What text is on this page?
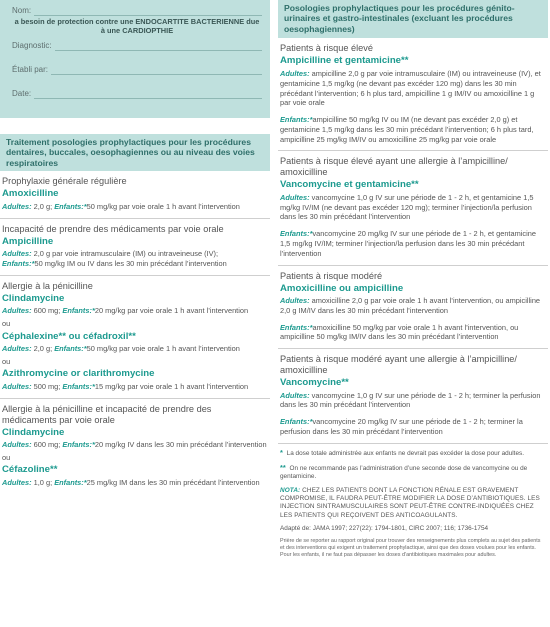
Nom:
a besoin de protection contre une ENDOCARTITE BACTERIENNE due à une CARDIOPTHIE
Diagnostic:
Établi par:
Date:
Traitement posologies prophylactiques pour les procédures dentaires, buccales, oesophagiennes ou au niveau des voies respiratoires
Prophylaxie générale régulière
Amoxicilline
Adultes: 2,0 g; Enfants:*50 mg/kg par voie orale 1 h avant l’intervention
Incapacité de prendre des médicaments par voie orale
Ampicilline
Adultes: 2,0 g par voie intramusculaire (IM) ou intraveineuse (IV);
Enfants:*50 mg/kg IM ou IV dans les 30 min précédant l’intervention
Allergie à la pénicilline
Clindamycine
Adultes: 600 mg; Enfants:*20 mg/kg par voie orale 1 h avant l’intervention
ou
Céphalexine** ou céfadroxil**
Adultes: 2,0 g; Enfants:*50 mg/kg par voie orale 1 h avant l’intervention
ou
Azithromycine or clarithromycine
Adultes: 500 mg; Enfants:*15 mg/kg par voie orale 1 h avant l’intervention
Allergie à la pénicilline et incapacité de prendre des médicaments par voie orale
Clindamycine
Adultes: 600 mg; Enfants:*20 mg/kg IV dans les 30 min précédant l’intervention
ou
Céfazoline**
Adultes: 1,0 g; Enfants:*25 mg/kg IM dans les 30 min précédant l’intervention
Posologies prophylactiques pour les procédures génito-urinaires et gastro-intestinales (excluant les procédures oesophagiennes)
Patients à risque élevé
Ampicilline et gentamicine**
Adultes: ampicilline 2,0 g par voie intramusculaire (IM) ou intraveineuse (IV), et gentamicine 1,5 mg/kg (ne devant pas excéder 120 mg) dans les 30 min précédant l’intervention; 6 h plus tard, ampicilline 1 g IM/IV ou amoxicilline 1 g par voie orale
Enfants:*ampicilline 50 mg/kg IV ou IM (ne devant pas excéder 2,0 g) et gentamicine 1,5 mg/kg dans les 30 min précédant l’intervention; 6 h plus tard, ampicilline 25 mg/kg IM/IV ou amoxicilline 25 mg/kg par voie orale
Patients à risque élevé ayant une allergie à l’ampicilline/ amoxicilline
Vancomycine et gentamicine**
Adultes: vancomycine 1,0 g IV sur une période de 1 - 2 h, et gentamicine 1,5 mg/kg IV/IM (ne devant pas excéder 120 mg); terminer l’injection/la perfusion dans les 30 min précédant l’intervention
Enfants:*vancomycine 20 mg/kg IV sur une période de 1 - 2 h, et gentamicine 1,5 mg/kg IV/IM; terminer l’injection/la perfusion dans les 30 min précédant l’intervention
Patients à risque modéré
Amoxicilline ou ampicilline
Adultes: amoxicilline 2,0 g par voie orale 1 h avant l’intervention, ou ampicilline 2,0 g IM/IV dans les 30 min précédant l’intervention
Enfants:*amoxicilline 50 mg/kg par voie orale 1 h avant l’intervention, ou ampicilline 50 mg/kg IM/IV dans les 30 min précédant l’intervention
Patients à risque modéré ayant une allergie à l’ampicilline/ amoxicilline
Vancomycine**
Adultes: vancomycine 1,0 g IV sur une période de 1 - 2 h; terminer la perfusion dans les 30 min précédant l’intervention
Enfants:*vancomycine 20 mg/kg IV sur une période de 1 - 2 h; terminer la perfusion dans les 30 min précédant l’intervention

* La dose totale administrée aux enfants ne devrait pas excéder la dose pour adultes.

** On ne recommande pas l’administration d’une seconde dose de vancomycine ou de gentamicine.

NOTA: CHEZ LES PATIENTS DONT LA FONCTION RÉNALE EST GRAVEMENT COMPROMISE, IL FAUDRA PEUT-ÊTRE MODIFIER LA DOSE D’ANTIBIOTIQUES. LES INJECTION SINTRAMUSCULAIRES SONT PEUT-ÊTRE CONTRE-INDIQUÉES CHEZ LES PATIENTS QUI REÇOIVENT DES ANTICOAGULANTS.

Adapté de: JAMA 1997; 227(22): 1794-1801, CIRC 2007; 116; 1736-1754

Prière de se reporter au rapport original pour trouver des renseignements plus complets au sujet des patients et des interventions qui exigent un traitement prophylactique, ainsi que des doses voulues pour les enfants. Pour les enfants, il ne faut pas dépasser les doses d’antibiotiques maximales pour adultes.
